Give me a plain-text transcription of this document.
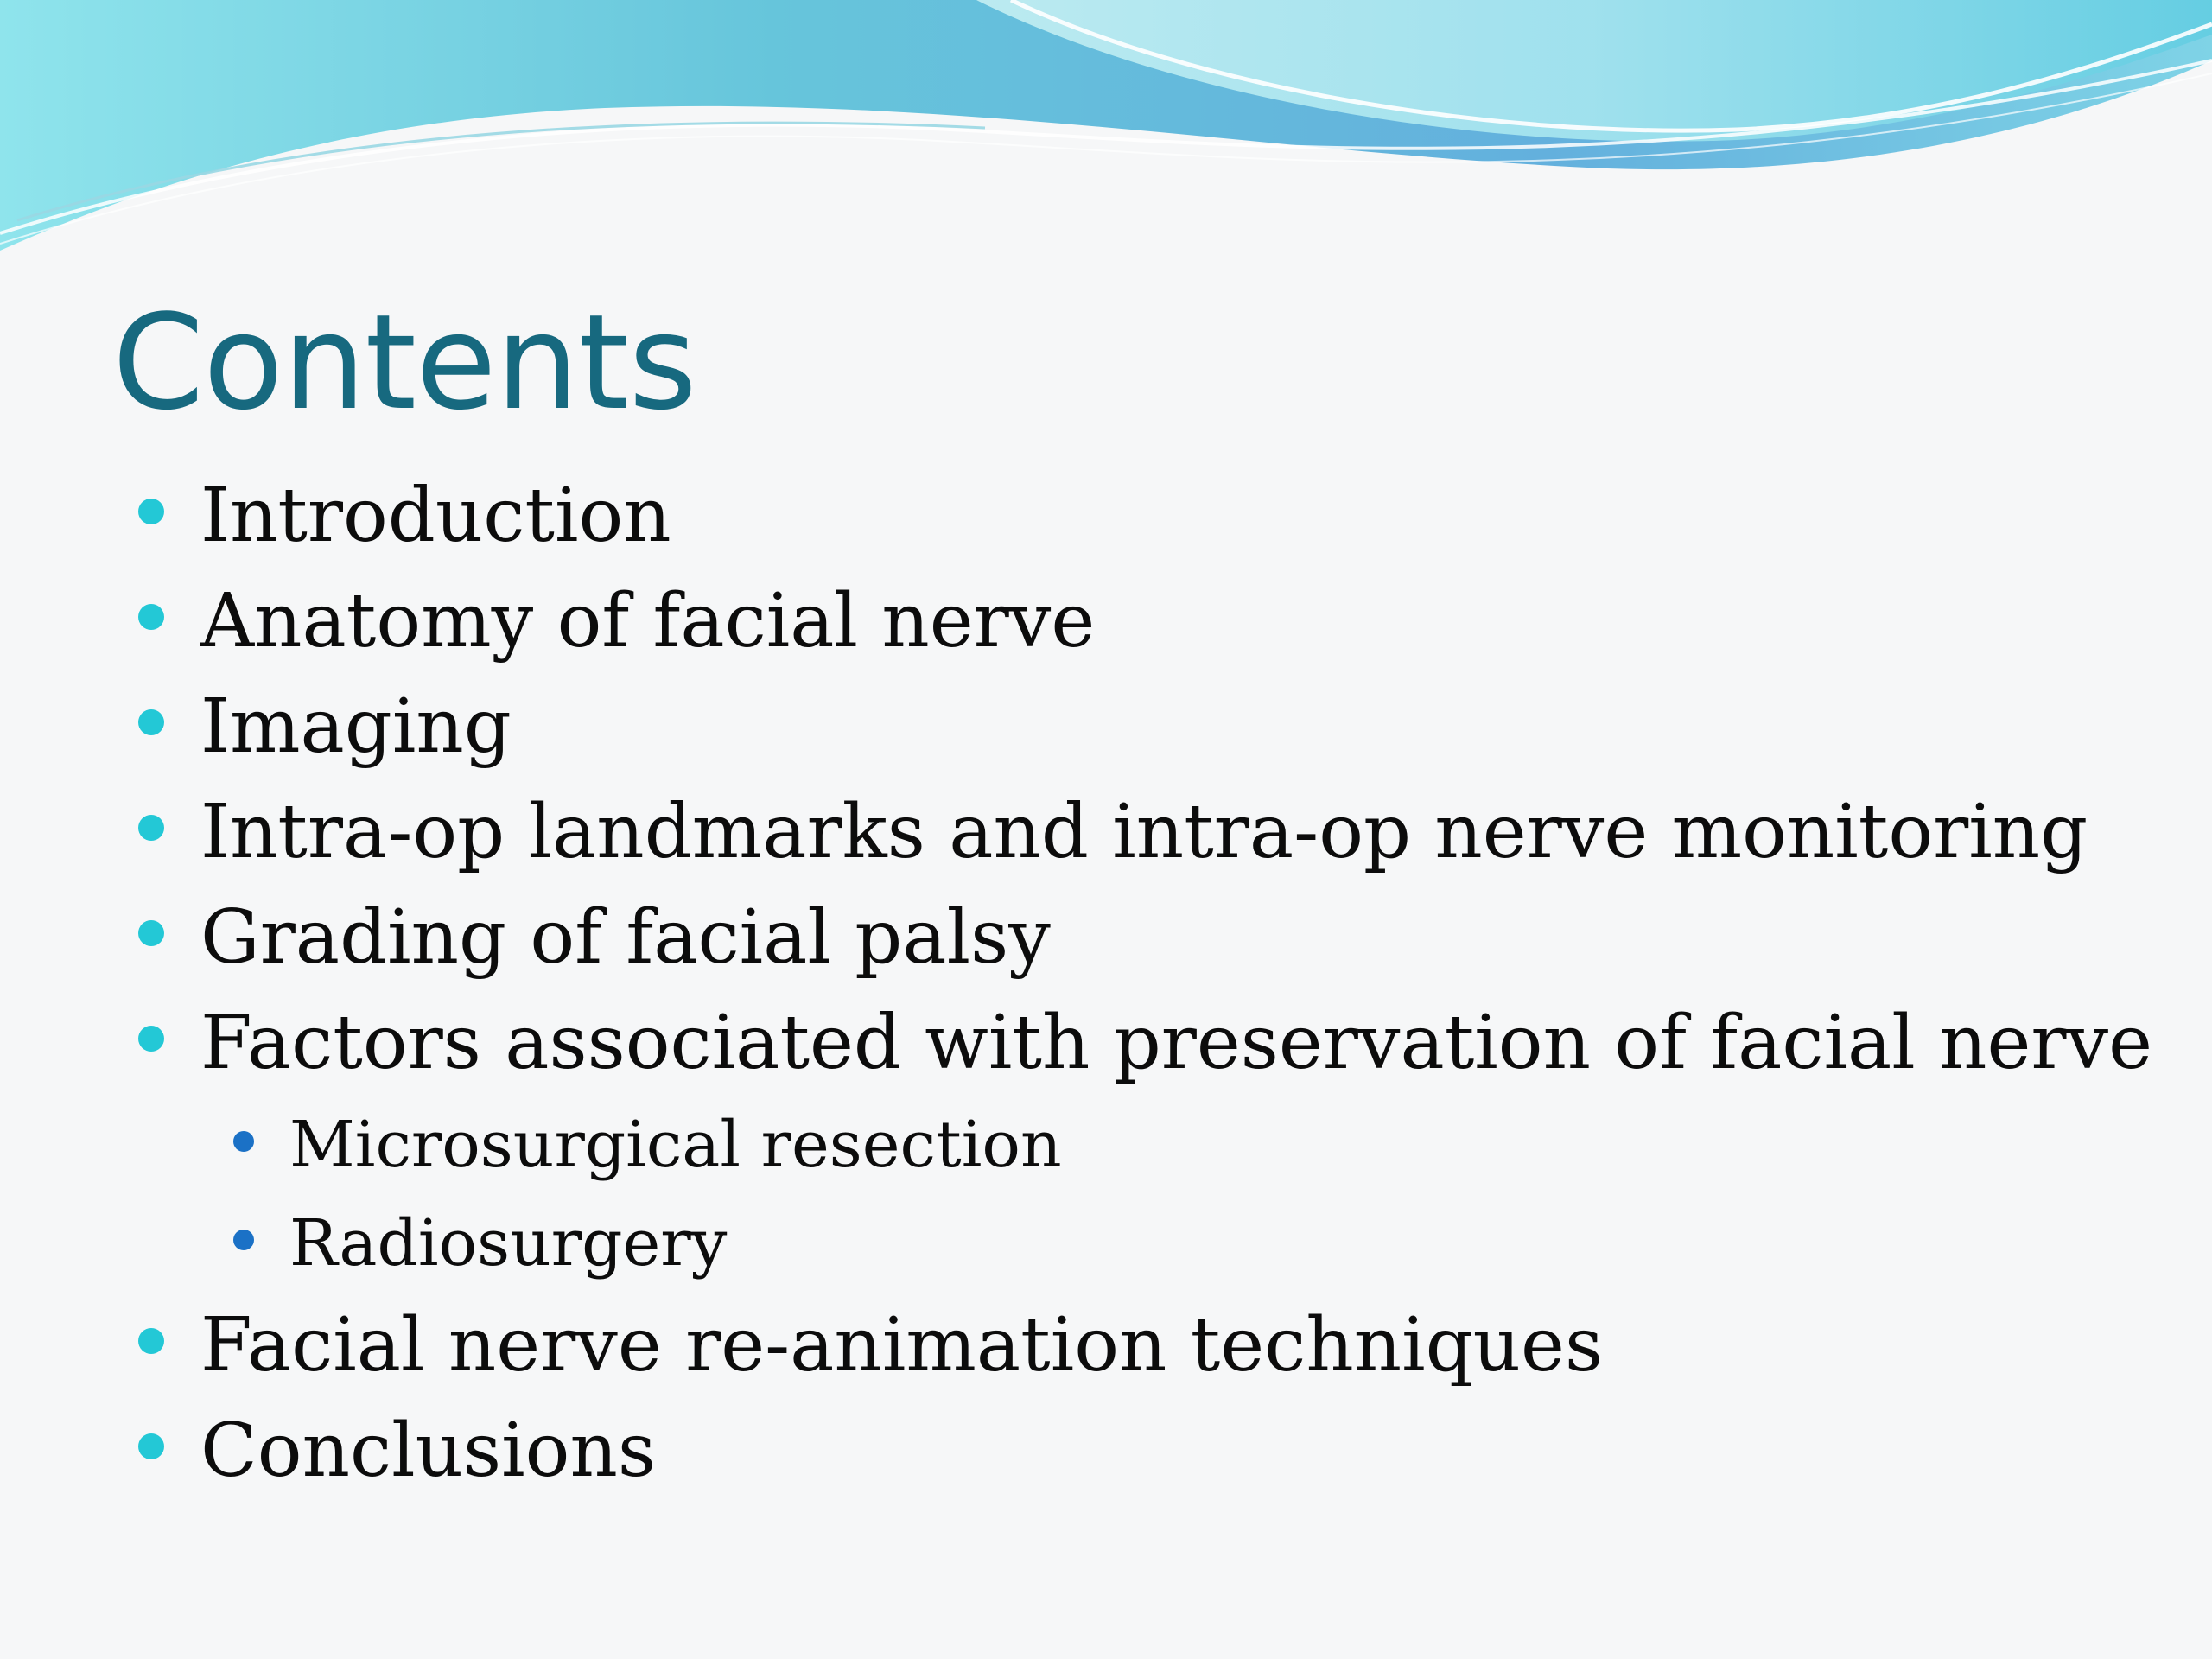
Contents
Introduction
Anatomy of facial nerve
Imaging
Intra-op landmarks and intra-op nerve monitoring
Grading of facial palsy
Factors associated with preservation of facial nerve
Microsurgical resection
Radiosurgery
Facial nerve re-animation techniques
Conclusions
